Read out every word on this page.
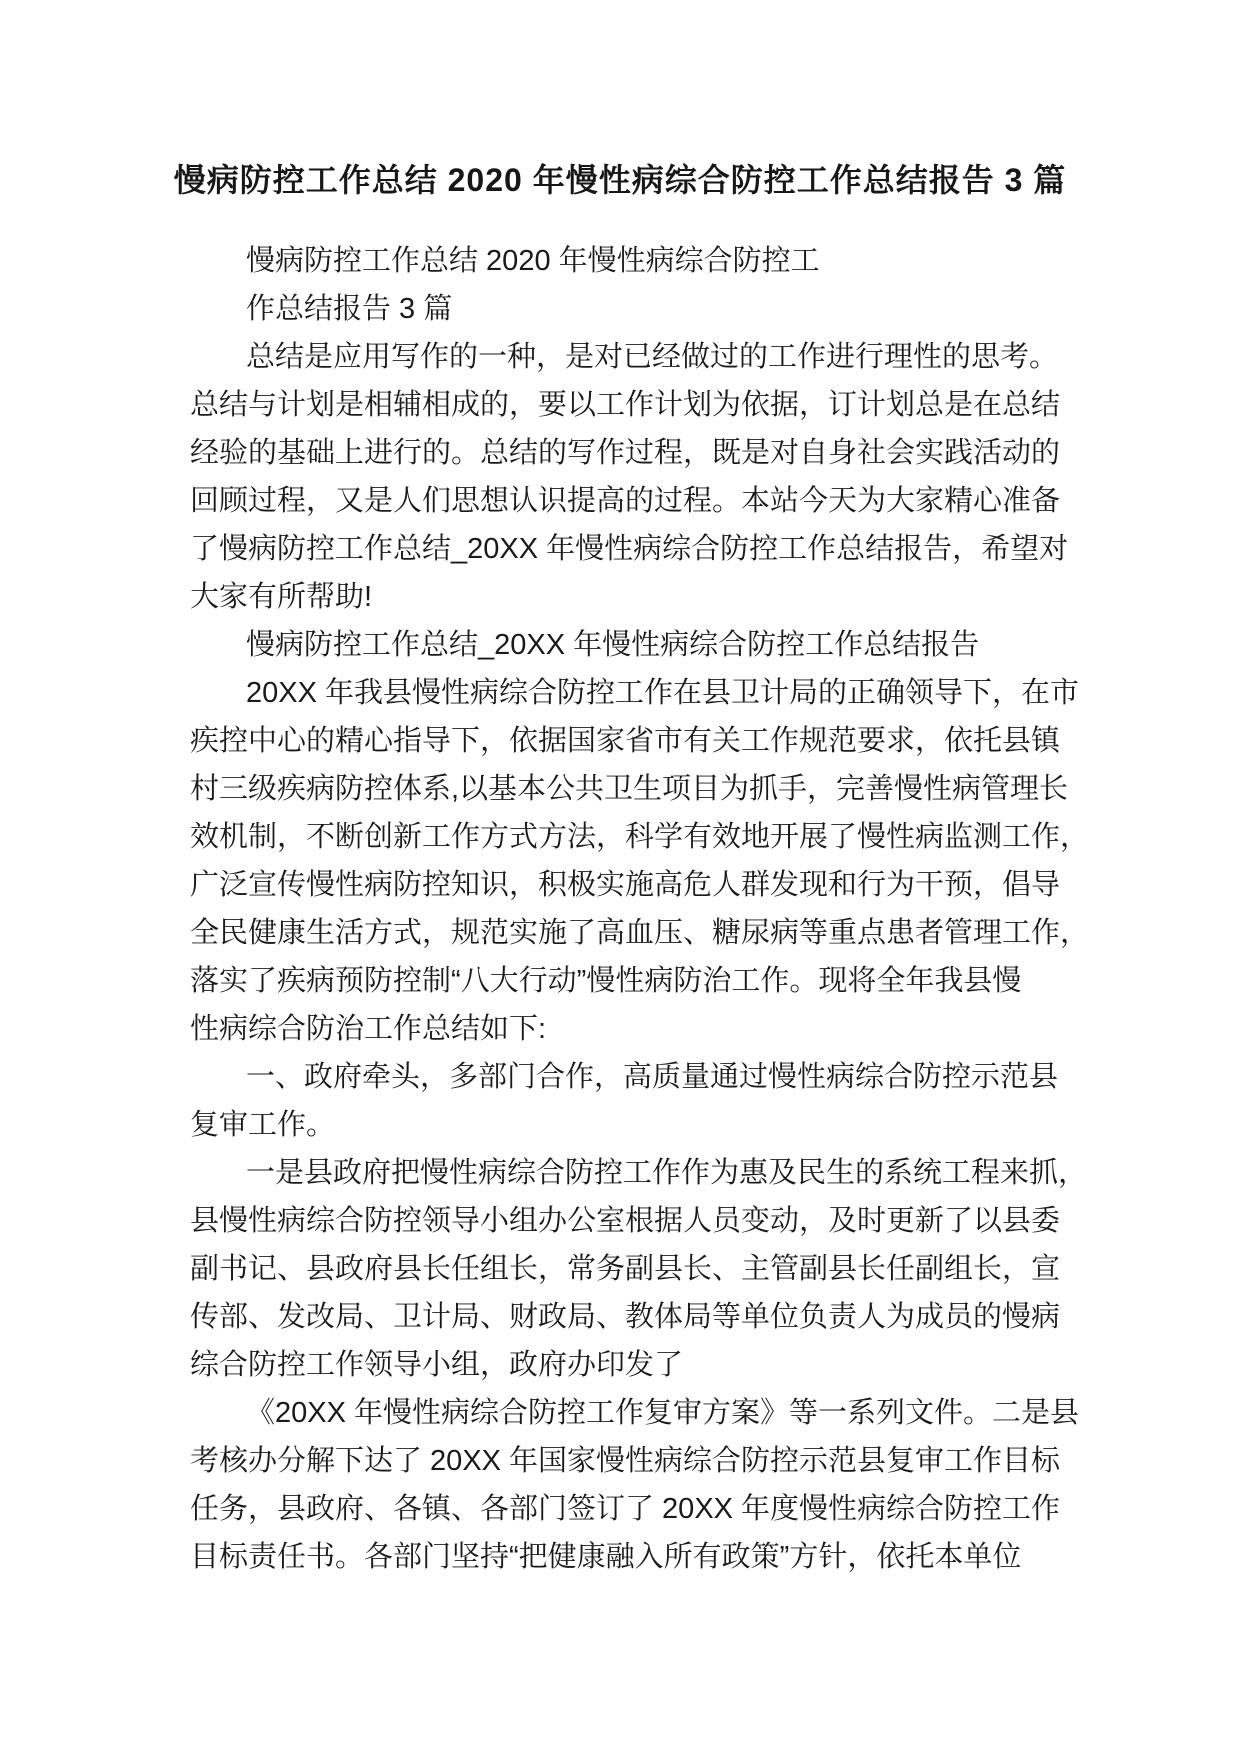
慢病防控工作总结 2020 年慢性病综合防控工作总结报告 3 篇
慢病防控工作总结 2020 年慢性病综合防控工
作总结报告 3 篇
总结是应用写作的一种，是对已经做过的工作进行理性的思考。
总结与计划是相辅相成的，要以工作计划为依据，订计划总是在总结
经验的基础上进行的。总结的写作过程，既是对自身社会实践活动的
回顾过程，又是人们思想认识提高的过程。本站今天为大家精心准备
了慢病防控工作总结_20XX 年慢性病综合防控工作总结报告，希望对
大家有所帮助!
慢病防控工作总结_20XX 年慢性病综合防控工作总结报告
20XX 年我县慢性病综合防控工作在县卫计局的正确领导下，在市
疾控中心的精心指导下，依据国家省市有关工作规范要求，依托县镇
村三级疾病防控体系,以基本公共卫生项目为抓手，完善慢性病管理长
效机制，不断创新工作方式方法，科学有效地开展了慢性病监测工作，
广泛宣传慢性病防控知识，积极实施高危人群发现和行为干预，倡导
全民健康生活方式，规范实施了高血压、糖尿病等重点患者管理工作，
落实了疾病预防控制“八大行动”慢性病防治工作。现将全年我县慢
性病综合防治工作总结如下:
一、政府牵头，多部门合作，高质量通过慢性病综合防控示范县
复审工作。
一是县政府把慢性病综合防控工作作为惠及民生的系统工程来抓，
县慢性病综合防控领导小组办公室根据人员变动，及时更新了以县委
副书记、县政府县长任组长，常务副县长、主管副县长任副组长，宣
传部、发改局、卫计局、财政局、教体局等单位负责人为成员的慢病
综合防控工作领导小组，政府办印发了
《20XX 年慢性病综合防控工作复审方案》等一系列文件。二是县
考核办分解下达了 20XX 年国家慢性病综合防控示范县复审工作目标
任务，县政府、各镇、各部门签订了 20XX 年度慢性病综合防控工作
目标责任书。各部门坚持“把健康融入所有政策”方针，依托本单位
